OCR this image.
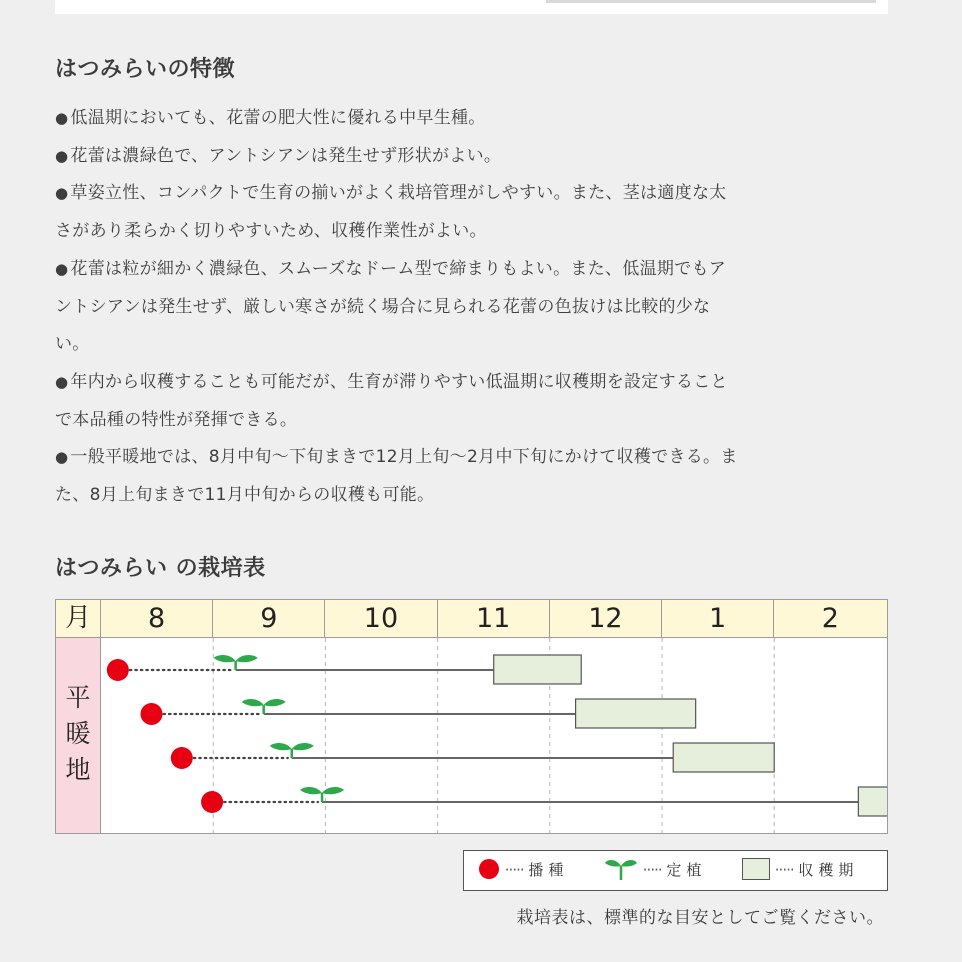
はつみらいの特徴
● 低温期においても、花蕾の肥大性に優れる中早生種。
● 花蕾は濃緑色で、アントシアンは発生せず形状がよい。
● 草姿立性、コンパクトで生育の揃いがよく栽培管理がしやすい。また、茎は適度な太
さがあり柔らかく切りやすいため、収穫作業性がよい。
● 花蕾は粒が細かく濃緑色、スムーズなドーム型で締まりもよい。また、低温期でもア
ントシアンは発生せず、厳しい寒さが続く場合に見られる花蕾の色抜けは比較的少な
い。
● 年内から収穫することも可能だが、生育が滞りやすい低温期に収穫期を設定すること
で本品種の特性が発揮できる。
● 一般平暖地では、8月中旬～下旬まきで12月上旬～2月中下旬にかけて収穫できる。ま
た、8月上旬まきで11月中旬からの収穫も可能。
はつみらい の栽培表
月	8	9	10	11	12	1	2
平
暖
地
····· 播種	····· 定植	····· 収穫期
栽培表は、標準的な目安としてご覧ください。
